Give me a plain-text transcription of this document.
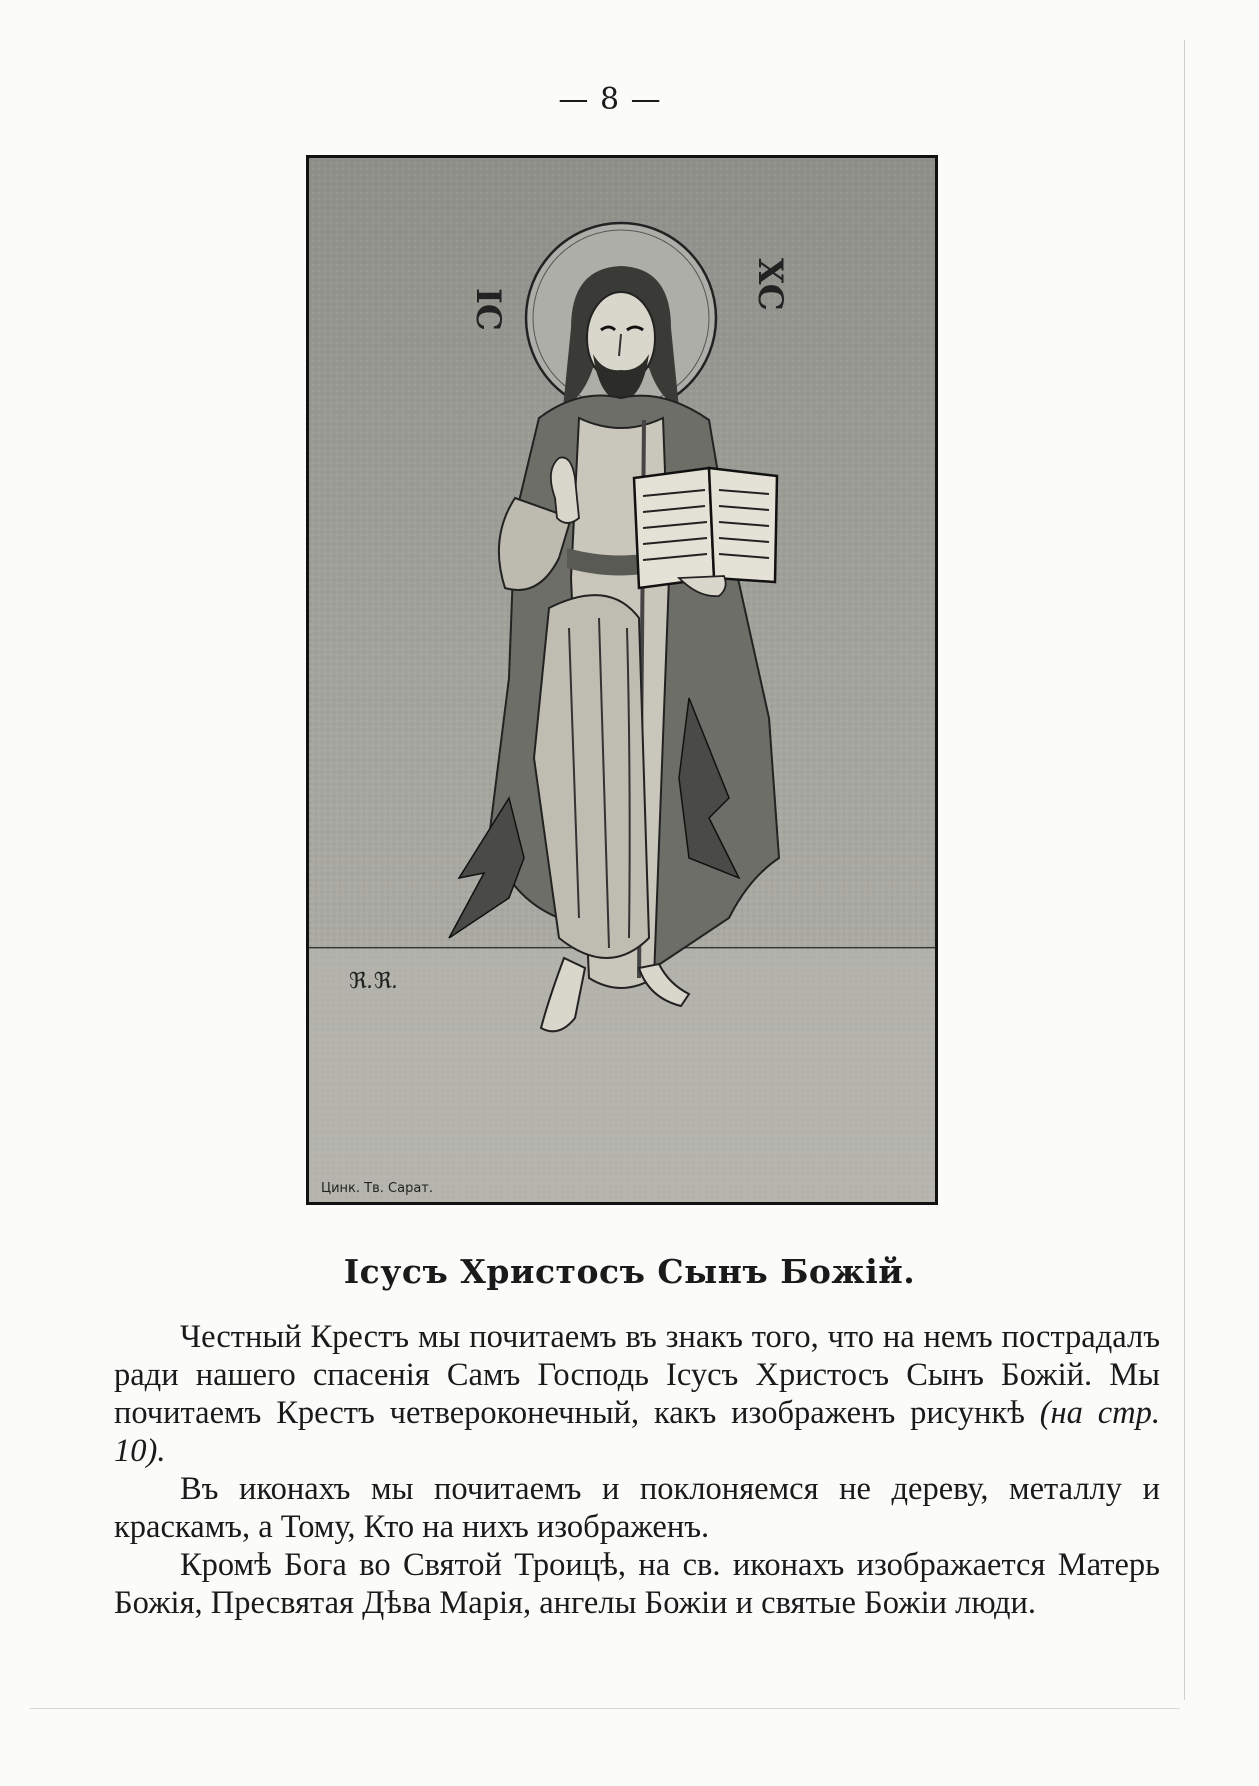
— 8 —
IC	XC
ℜ.ℜ.
Цинк. Тв. Сарат.
Iсусъ Христосъ Сынъ Божiй.

Честный Крестъ мы почитаемъ въ знакъ того, что на немъ пострадалъ ради нашего спасенiя Самъ Господь Iсусъ Христосъ Сынъ Божiй. Мы почитаемъ Крестъ четвероконечный, какъ изображенъ рисункѣ (на стр. 10).

Въ иконахъ мы почитаемъ и поклоняемся не дереву, металлу и краскамъ, а Тому, Кто на нихъ изображенъ.

Кромѣ Бога во Святой Троицѣ, на св. иконахъ изображается Матерь Божiя, Пресвятая Дѣва Марiя, ангелы Божiи и святые Божiи люди.
